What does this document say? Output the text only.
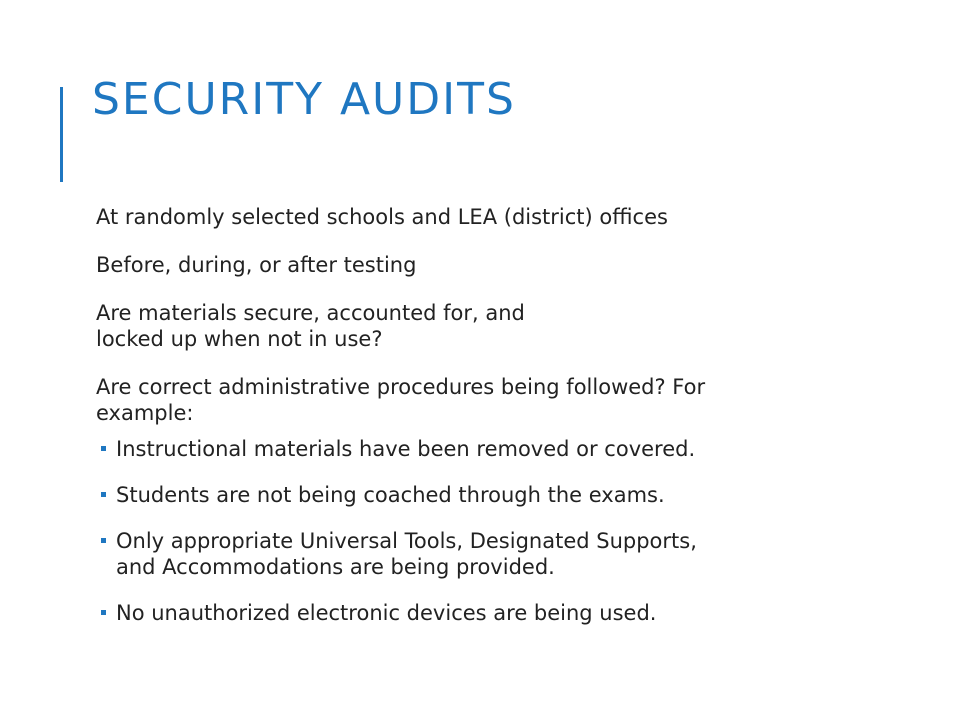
SECURITY AUDITS

At randomly selected schools and LEA (district) offices

Before, during, or after testing

Are materials secure, accounted for, and
locked up when not in use?

Are correct administrative procedures being followed? For
example:

Instructional materials have been removed or covered.
Students are not being coached through the exams.
Only appropriate Universal Tools, Designated Supports,
and Accommodations are being provided.
No unauthorized electronic devices are being used.
